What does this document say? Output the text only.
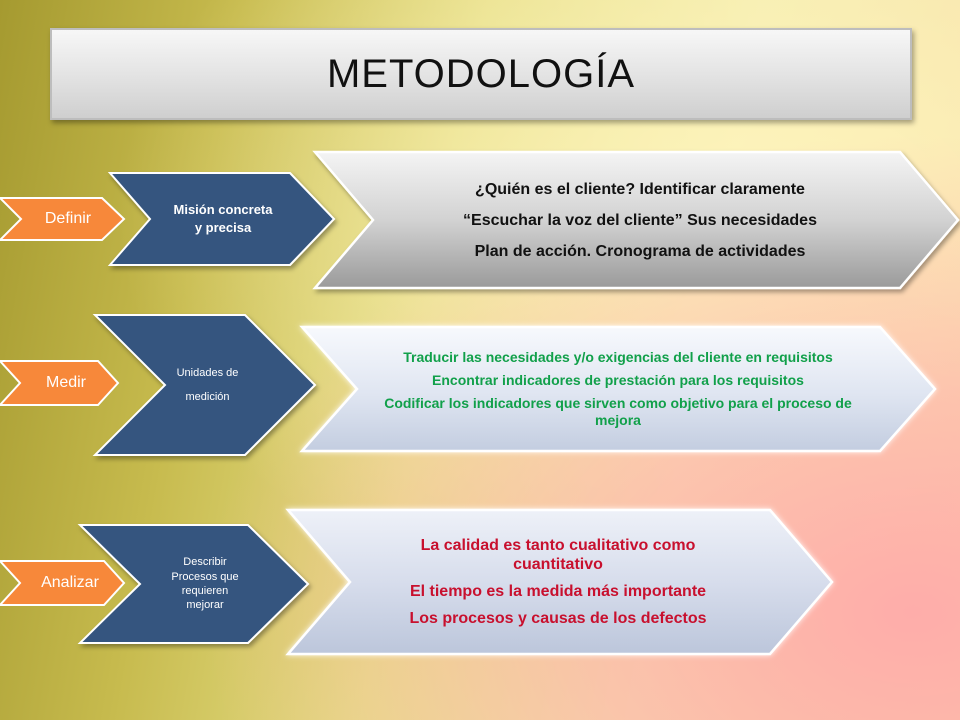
METODOLOGÍA
Definir
Misión concreta
y precisa
¿Quién es el cliente? Identificar claramente
“Escuchar la voz del cliente” Sus necesidades
Plan de acción. Cronograma de actividades
Medir
Unidades de
medición
Traducir las necesidades y/o exigencias del cliente en requisitos
Encontrar indicadores de prestación para los requisitos
Codificar los indicadores que sirven como objetivo para el proceso de mejora
Analizar
Describir
Procesos que
requieren
mejorar
La calidad es tanto cualitativo como cuantitativo
El tiempo es la medida más importante
Los procesos y causas de los defectos
